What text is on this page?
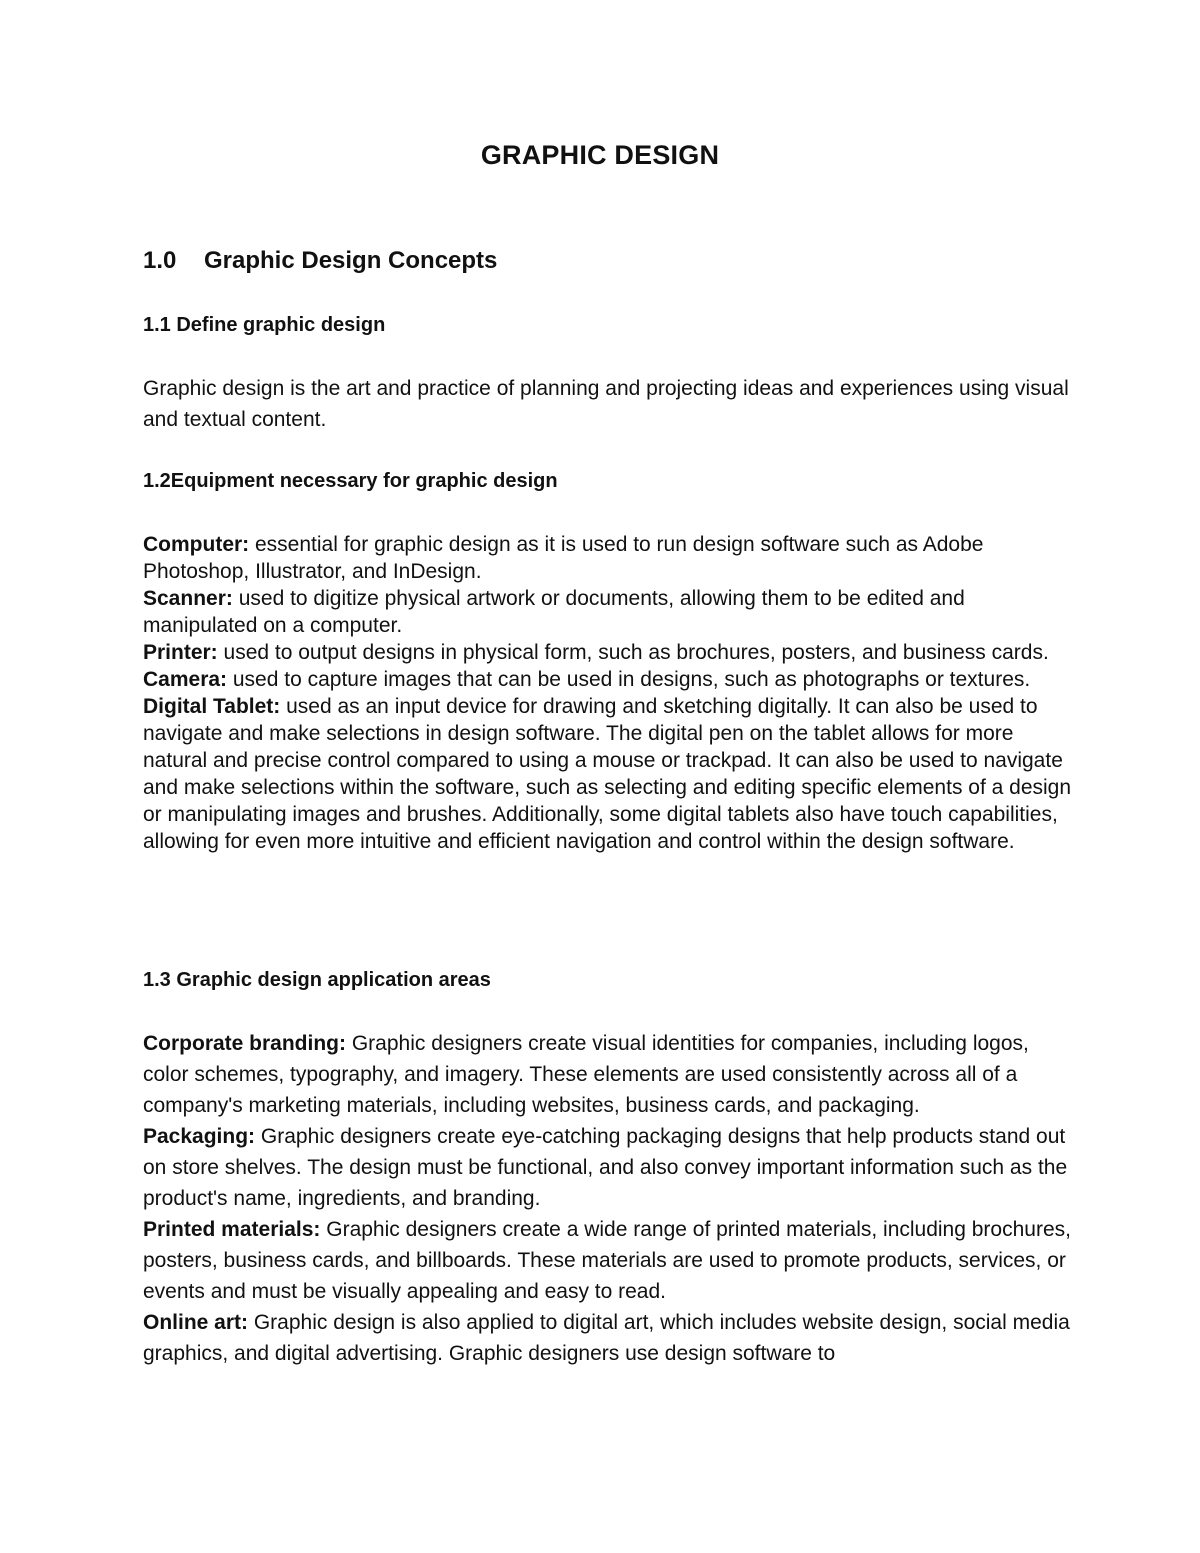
GRAPHIC DESIGN
1.0 Graphic Design Concepts
1.1 Define graphic design
Graphic design is the art and practice of planning and projecting ideas and experiences using visual and textual content.
1.2Equipment necessary for graphic design

Computer: essential for graphic design as it is used to run design software such as Adobe Photoshop, Illustrator, and InDesign.

Scanner: used to digitize physical artwork or documents, allowing them to be edited and manipulated on a computer.

Printer: used to output designs in physical form, such as brochures, posters, and business cards.

Camera: used to capture images that can be used in designs, such as photographs or textures.

Digital Tablet: used as an input device for drawing and sketching digitally. It can also be used to navigate and make selections in design software. The digital pen on the tablet allows for more natural and precise control compared to using a mouse or trackpad. It can also be used to navigate and make selections within the software, such as selecting and editing specific elements of a design or manipulating images and brushes. Additionally, some digital tablets also have touch capabilities, allowing for even more intuitive and efficient navigation and control within the design software.

1.3 Graphic design application areas

Corporate branding: Graphic designers create visual identities for companies, including logos, color schemes, typography, and imagery. These elements are used consistently across all of a company's marketing materials, including websites, business cards, and packaging.

Packaging: Graphic designers create eye-catching packaging designs that help products stand out on store shelves. The design must be functional, and also convey important information such as the product's name, ingredients, and branding.

Printed materials: Graphic designers create a wide range of printed materials, including brochures, posters, business cards, and billboards. These materials are used to promote products, services, or events and must be visually appealing and easy to read.

Online art: Graphic design is also applied to digital art, which includes website design, social media graphics, and digital advertising. Graphic designers use design software to
